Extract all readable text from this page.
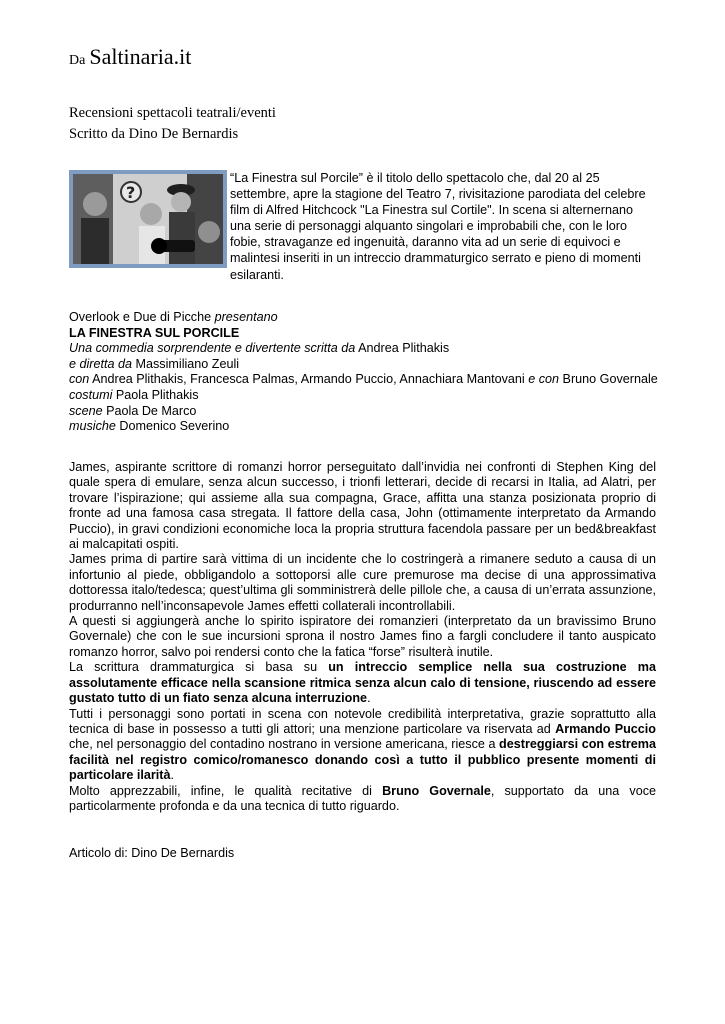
Da Saltinaria.it
Recensioni spettacoli teatrali/eventi
Scritto da Dino De Bernardis
?
“La Finestra sul Porcile” è il titolo dello spettacolo che, dal 20 al 25 settembre, apre la stagione del Teatro 7, rivisitazione parodiata del celebre film di Alfred Hitchcock "La Finestra sul Cortile". In scena si alternernano una serie di personaggi alquanto singolari e improbabili che, con le loro fobie, stravaganze ed ingenuità, daranno vita ad un serie di equivoci e malintesi inseriti in un intreccio drammaturgico serrato e pieno di momenti esilaranti.

Overlook e Due di Picche presentano

LA FINESTRA SUL PORCILE

Una commedia sorprendente e divertente scritta da Andrea Plithakis

e diretta da Massimiliano Zeuli

con Andrea Plithakis, Francesca Palmas, Armando Puccio, Annachiara Mantovani e con Bruno Governale

costumi Paola Plithakis

scene Paola De Marco

musiche Domenico Severino

James, aspirante scrittore di romanzi horror perseguitato dall’invidia nei confronti di Stephen King del quale spera di emulare, senza alcun successo, i trionfi letterari, decide di recarsi in Italia, ad Alatri, per trovare l’ispirazione; qui assieme alla sua compagna, Grace, affitta una stanza posizionata proprio di fronte ad una famosa casa stregata. Il fattore della casa, John (ottimamente interpretato da Armando Puccio), in gravi condizioni economiche loca la propria struttura facendola passare per un bed&breakfast ai malcapitati ospiti.

James prima di partire sarà vittima di un incidente che lo costringerà a rimanere seduto a causa di un infortunio al piede, obbligandolo a sottoporsi alle cure premurose ma decise di una approssimativa dottoressa italo/tedesca; quest’ultima gli somministrerà delle pillole che, a causa di un’errata assunzione, produrranno nell’inconsapevole James effetti collaterali incontrollabili.

A questi si aggiungerà anche lo spirito ispiratore dei romanzieri (interpretato da un bravissimo Bruno Governale) che con le sue incursioni sprona il nostro James fino a fargli concludere il tanto auspicato romanzo horror, salvo poi rendersi conto che la fatica “forse” risulterà inutile.

La scrittura drammaturgica si basa su un intreccio semplice nella sua costruzione ma assolutamente efficace nella scansione ritmica senza alcun calo di tensione, riuscendo ad essere gustato tutto di un fiato senza alcuna interruzione.

Tutti i personaggi sono portati in scena con notevole credibilità interpretativa, grazie soprattutto alla tecnica di base in possesso a tutti gli attori; una menzione particolare va riservata ad Armando Puccio che, nel personaggio del contadino nostrano in versione americana, riesce a destreggiarsi con estrema facilità nel registro comico/romanesco donando così a tutto il pubblico presente momenti di particolare ilarità.

Molto apprezzabili, infine, le qualità recitative di Bruno Governale, supportato da una voce particolarmente profonda e da una tecnica di tutto riguardo.

Articolo di: Dino De Bernardis
